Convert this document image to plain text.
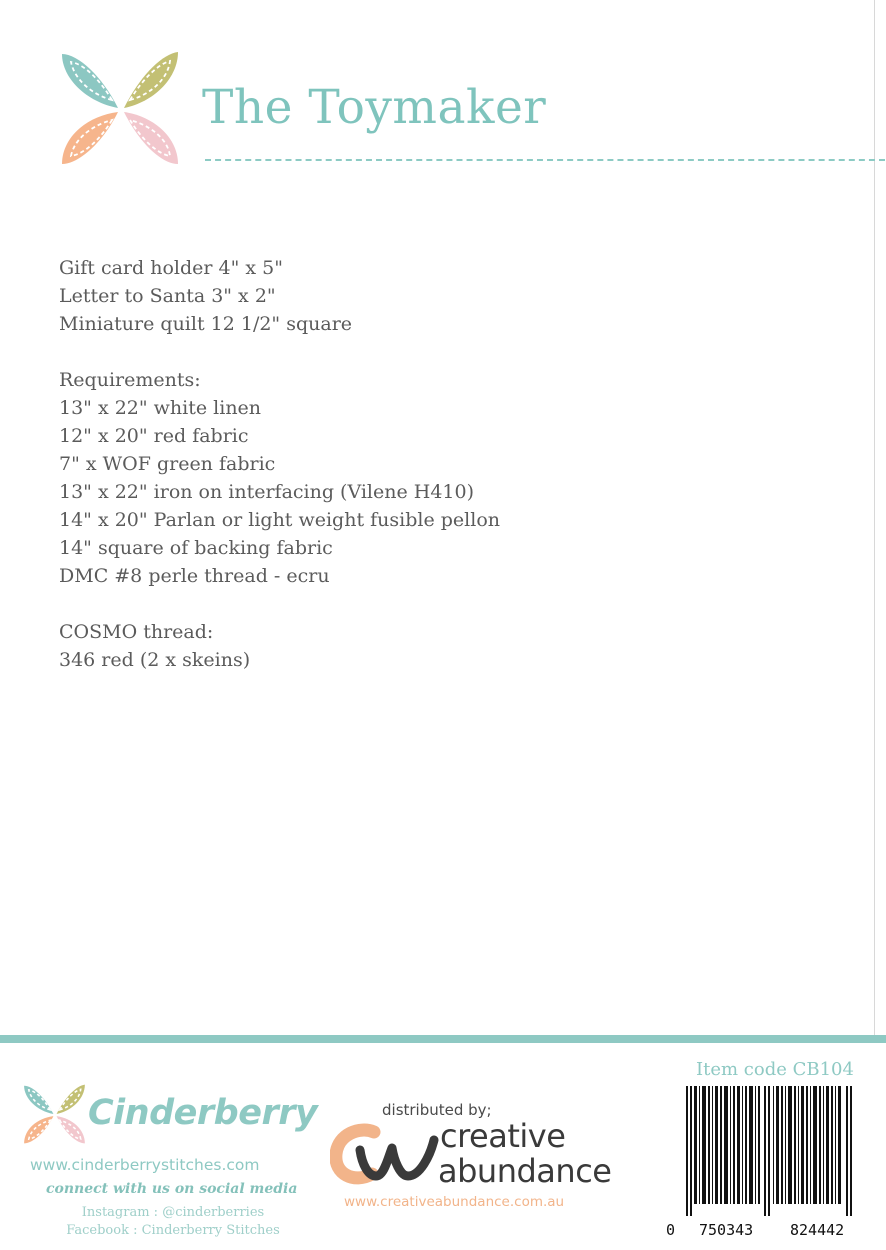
The Toymaker
Gift card holder 4" x 5"
Letter to Santa 3" x 2"
Miniature quilt 12 1/2" square
Requirements:
13" x 22" white linen
12" x 20" red fabric
7" x WOF green fabric
13" x 22" iron on interfacing (Vilene H410)
14" x 20" Parlan or light weight fusible pellon
14" square of backing fabric
DMC #8 perle thread - ecru
COSMO thread:
346 red (2 x skeins)
Cinderberry
www.cinderberrystitches.com
connect with us on social media
Instagram : @cinderberries
Facebook : Cinderberry Stitches
distributed by;
creative
abundance
www.creativeabundance.com.au
Item code CB104
0 750343 824442
